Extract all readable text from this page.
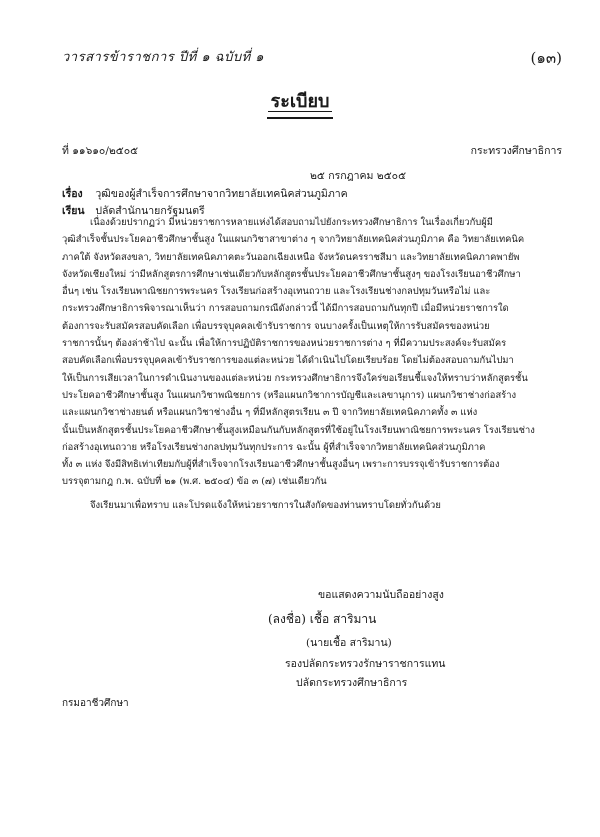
วารสารข้าราชการ ปีที่ ๑ ฉบับที่ ๑	(๑๓)
ระเบียบ
ที่ ๑๑๖๑๐/๒๕๐๕	กระทรวงศึกษาธิการ
๒๕ กรกฎาคม ๒๕๐๕
เรื่อง วุฒิของผู้สำเร็จการศึกษาจากวิทยาลัยเทคนิคส่วนภูมิภาค
เรียน ปลัดสำนักนายกรัฐมนตรี

เนื่องด้วยปรากฏว่า มีหน่วยราชการหลายแห่งได้สอบถามไปยังกระทรวงศึกษาธิการ ในเรื่องเกี่ยวกับผู้มี

วุฒิสำเร็จชั้นประโยคอาชีวศึกษาชั้นสูง ในแผนกวิชาสาขาต่าง ๆ จากวิทยาลัยเทคนิคส่วนภูมิภาค คือ วิทยาลัยเทคนิค

ภาคใต้ จังหวัดสงขลา, วิทยาลัยเทคนิคภาคตะวันออกเฉียงเหนือ จังหวัดนครราชสีมา และวิทยาลัยเทคนิคภาคพายัพ

จังหวัดเชียงใหม่ ว่ามีหลักสูตรการศึกษาเช่นเดียวกับหลักสูตรชั้นประโยคอาชีวศึกษาชั้นสูงๆ ของโรงเรียนอาชีวศึกษา

อื่นๆ เช่น โรงเรียนพาณิชยการพระนคร โรงเรียนก่อสร้างอุเทนถวาย และโรงเรียนช่างกลปทุมวันหรือไม่ และ

กระทรวงศึกษาธิการพิจารณาเห็นว่า การสอบถามกรณีดังกล่าวนี้ ได้มีการสอบถามกันทุกปี เมื่อมีหน่วยราชการใด

ต้องการจะรับสมัครสอบคัดเลือก เพื่อบรรจุบุคคลเข้ารับราชการ จนบางครั้งเป็นเหตุให้การรับสมัครของหน่วย

ราชการนั้นๆ ต้องล่าช้าไป ฉะนั้น เพื่อให้การปฏิบัติราชการของหน่วยราชการต่าง ๆ ที่มีความประสงค์จะรับสมัคร

สอบคัดเลือกเพื่อบรรจุบุคคลเข้ารับราชการของแต่ละหน่วย ได้ดำเนินไปโดยเรียบร้อย โดยไม่ต้องสอบถามกันไปมา

ให้เป็นการเสียเวลาในการดำเนินงานของแต่ละหน่วย กระทรวงศึกษาธิการจึงใคร่ขอเรียนชี้แจงให้ทราบว่าหลักสูตรชั้น

ประโยคอาชีวศึกษาชั้นสูง ในแผนกวิชาพณิชยการ (หรือแผนกวิชาการบัญชีและเลขานุการ) แผนกวิชาช่างก่อสร้าง

และแผนกวิชาช่างยนต์ หรือแผนกวิชาช่างอื่น ๆ ที่มีหลักสูตรเรียน ๓ ปี จากวิทยาลัยเทคนิคภาคทั้ง ๓ แห่ง

นั้นเป็นหลักสูตรชั้นประโยคอาชีวศึกษาชั้นสูงเหมือนกันกับหลักสูตรที่ใช้อยู่ในโรงเรียนพาณิชยการพระนคร โรงเรียนช่าง

ก่อสร้างอุเทนถวาย หรือโรงเรียนช่างกลปทุมวันทุกประการ ฉะนั้น ผู้ที่สำเร็จจากวิทยาลัยเทคนิคส่วนภูมิภาค

ทั้ง ๓ แห่ง จึงมีสิทธิเท่าเทียมกับผู้ที่สำเร็จจากโรงเรียนอาชีวศึกษาชั้นสูงอื่นๆ เพราะการบรรจุเข้ารับราชการต้อง

บรรจุตามกฎ ก.พ. ฉบับที่ ๒๑ (พ.ศ. ๒๕๐๔) ข้อ ๓ (๗) เช่นเดียวกัน

จึงเรียนมาเพื่อทราบ และโปรดแจ้งให้หน่วยราชการในสังกัดของท่านทราบโดยทั่วกันด้วย

ขอแสดงความนับถืออย่างสูง
(ลงชื่อ) เชื้อ สาริมาน
(นายเชื้อ สาริมาน)
รองปลัดกระทรวงรักษาราชการแทน
ปลัดกระทรวงศึกษาธิการ
กรมอาชีวศึกษา
